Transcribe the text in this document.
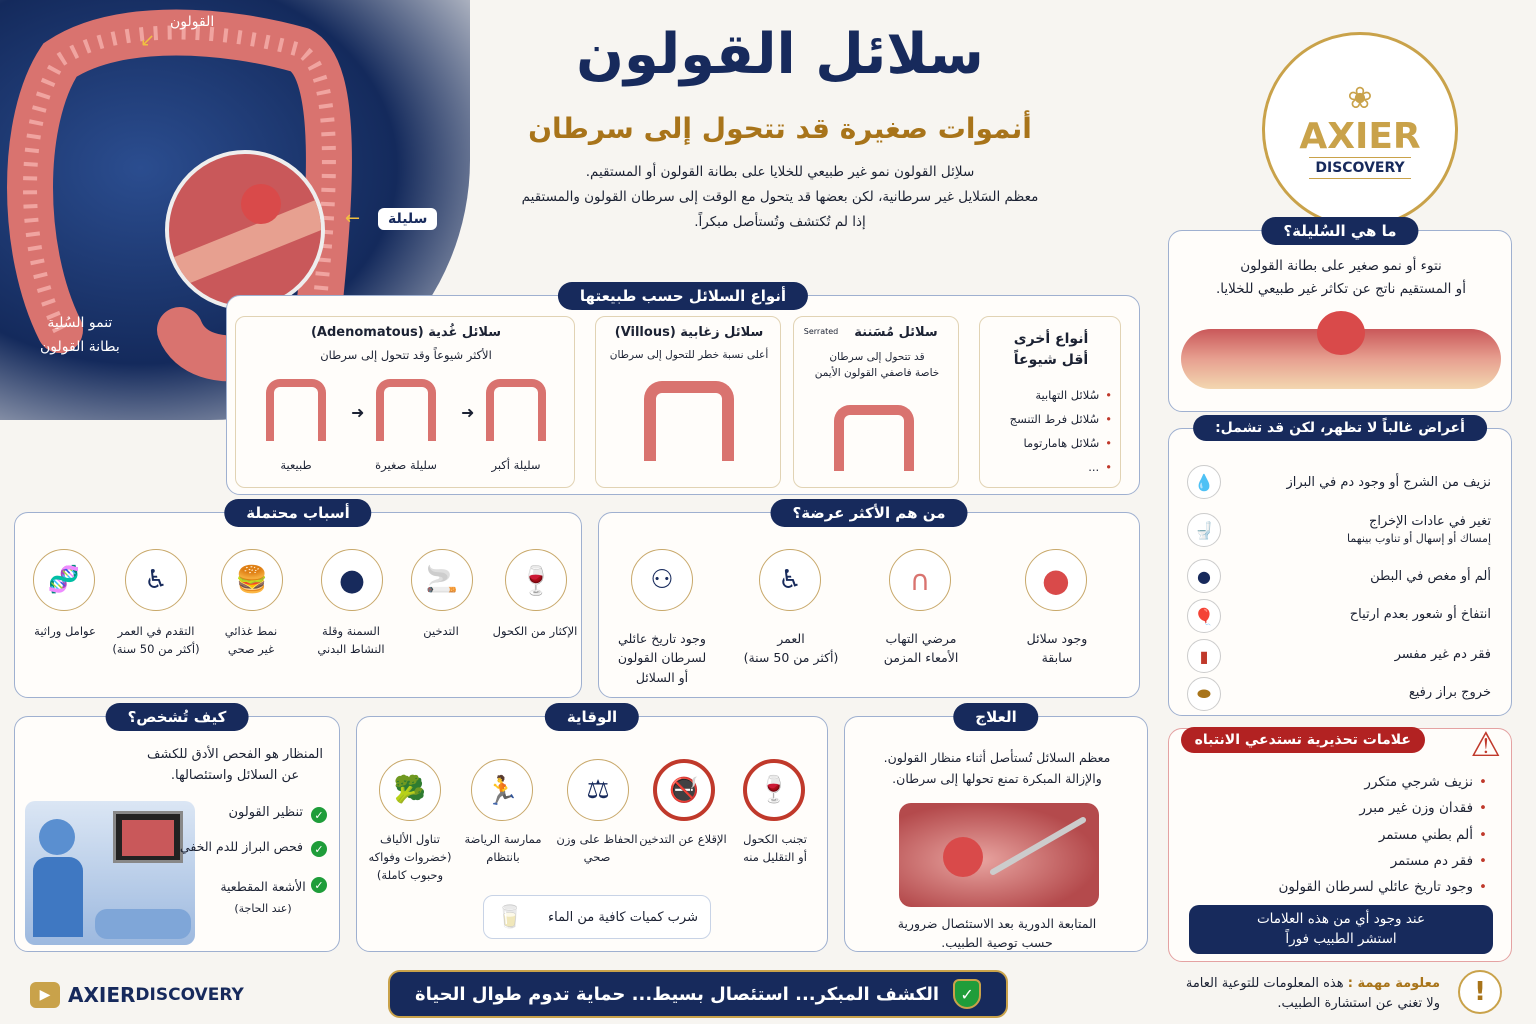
القولون
↙
سليلة
←
تنمو السُلية
بطانة القولون
سلائل القولون
أنموات صغيرة قد تتحول إلى سرطان
سلاِئل القولون نمو غير طبيعي للخلايا على بطانة القولون أو المستقيم.
معظم السَلايل غير سرطانية، لكن بعضها قد يتحول مع الوقت إلى سرطان القولون والمستقيم
إذا لم تُكتشف وتُستأصل مبكراً.
❀
AXIER
DISCOVERY
أنواع السلائل حسب طبيعتها
سلائل غُدية (Adenomatous)
الأكثر شيوعاً وقد تتحول إلى سرطان
➜	➜
طبيعية	سليلة صغيرة	سليلة أكبر
سلائل زغابية (Villous)
أعلى نسبة خطر للتحول إلى سرطان
سلائل مُسَننة
Serrated
قد تتحول إلى سرطان
خاصة فاصفي القولون الأيمن
أنواع أخرى
أقل شيوعاً
•سُلائل التهابية
•سُلائل فرط التنسج
•سُلائل هامارتوما
•...
ما هي السُليلة؟
نتوء أو نمو صغير على بطانة القولون
أو المستقيم ناتج عن تكاثر غير طبيعي للخلايا.
أعراض غالباً لا تظهر، لكن قد تشمل:
💧	نزيف من الشرج أو وجود دم في البراز
🚽	تغير في عادات الإخراج
إمساك أو إسهال أو تناوب بينهما
●	ألم أو مغص في البطن
🎈	انتفاخ أو شعور بعدم ارتياح
▮	فقر دم غير مفسر
⬬	خروج براز رفيع
علامات تحذيرية تستدعي الانتباه	⚠
•نزيف شرجي متكرر
•فقدان وزن غير مبرر
•ألم بطني مستمر
•فقر دم مستمر
•وجود تاريخ عائلي لسرطان القولون
عند وجود أي من هذه العلامات
استشر الطبيب فوراً
أسباب محتملة
🍷
🚬
●
🍔
♿
🧬
الإكثار من الكحول
التدخين
السمنة وقلة
النشاط البدني
نمط غذائي
غير صحي
التقدم في العمر
(أكثر من 50 سنة)
عوامل وراثية
من هم الأكثر عرضة؟
●
∩
♿
⚇
وجود سلائل
سابقة
مرضي التهاب
الأمعاء المزمن
العمر
(أكثر من 50 سنة)
وجود تاريخ عائلي
لسرطان القولون
أو السلائل
كيف تُشخص؟
المنظار هو الفحص الأدق للكشف
عن السلائل واستئصالها.
تنظير القولون	✓
فحص البراز للدم الخفي	✓
الأشعة المقطعية
(عند الحاجة)
✓
الوقاية
🍷
🚭
⚖
🏃
🥦
تجنب الكحول
أو التقليل منه
الإقلاع عن التدخين
الحفاظ على وزن
صحي
ممارسة الرياضة
بانتظام
تناول الألياف
(خضروات وفواكه
وحبوب كاملة)
🥛 شرب كميات كافية من الماء
العلاج
معظم السلائل تُستأصل أثناء منظار القولون.
والإزالة المبكرة تمنع تحولها إلى سرطان.
المتابعة الدورية بعد الاستئصال ضرورية
حسب توصية الطبيب.
▶ AXIER DISCOVERY	الكشف المبكر... استئصال بسيط... حماية تدوم طوال الحياة	✓
معلومة مهمة : هذه المعلومات للتوعية العامة
ولا تغني عن استشارة الطبيب.	!
